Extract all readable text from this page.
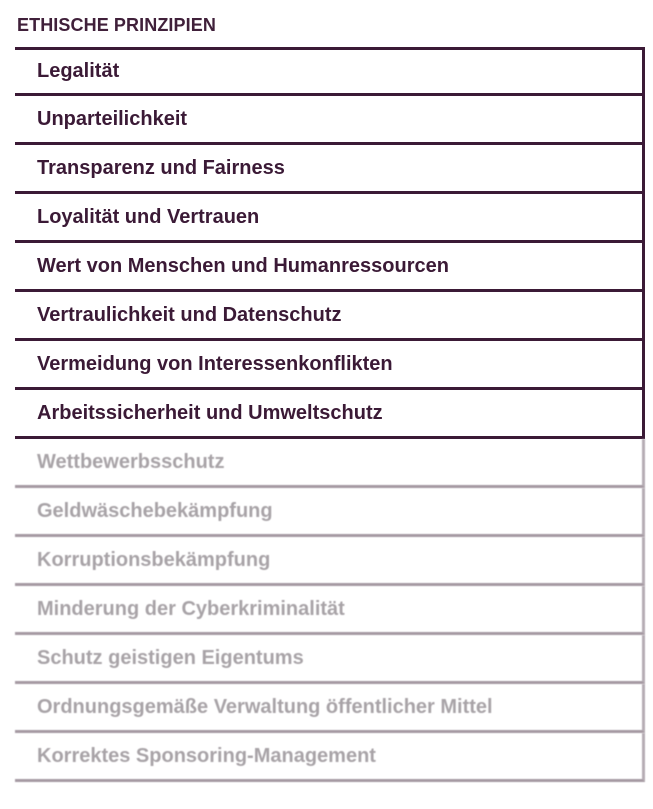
ETHISCHE PRINZIPIEN
Legalität
Unparteilichkeit
Transparenz und Fairness
Loyalität und Vertrauen
Wert von Menschen und Humanressourcen
Vertraulichkeit und Datenschutz
Vermeidung von Interessenkonflikten
Arbeitssicherheit und Umweltschutz
Wettbewerbsschutz
Geldwäschebekämpfung
Korruptionsbekämpfung
Minderung der Cyberkriminalität
Schutz geistigen Eigentums
Ordnungsgemäße Verwaltung öffentlicher Mittel
Korrektes Sponsoring-Management
